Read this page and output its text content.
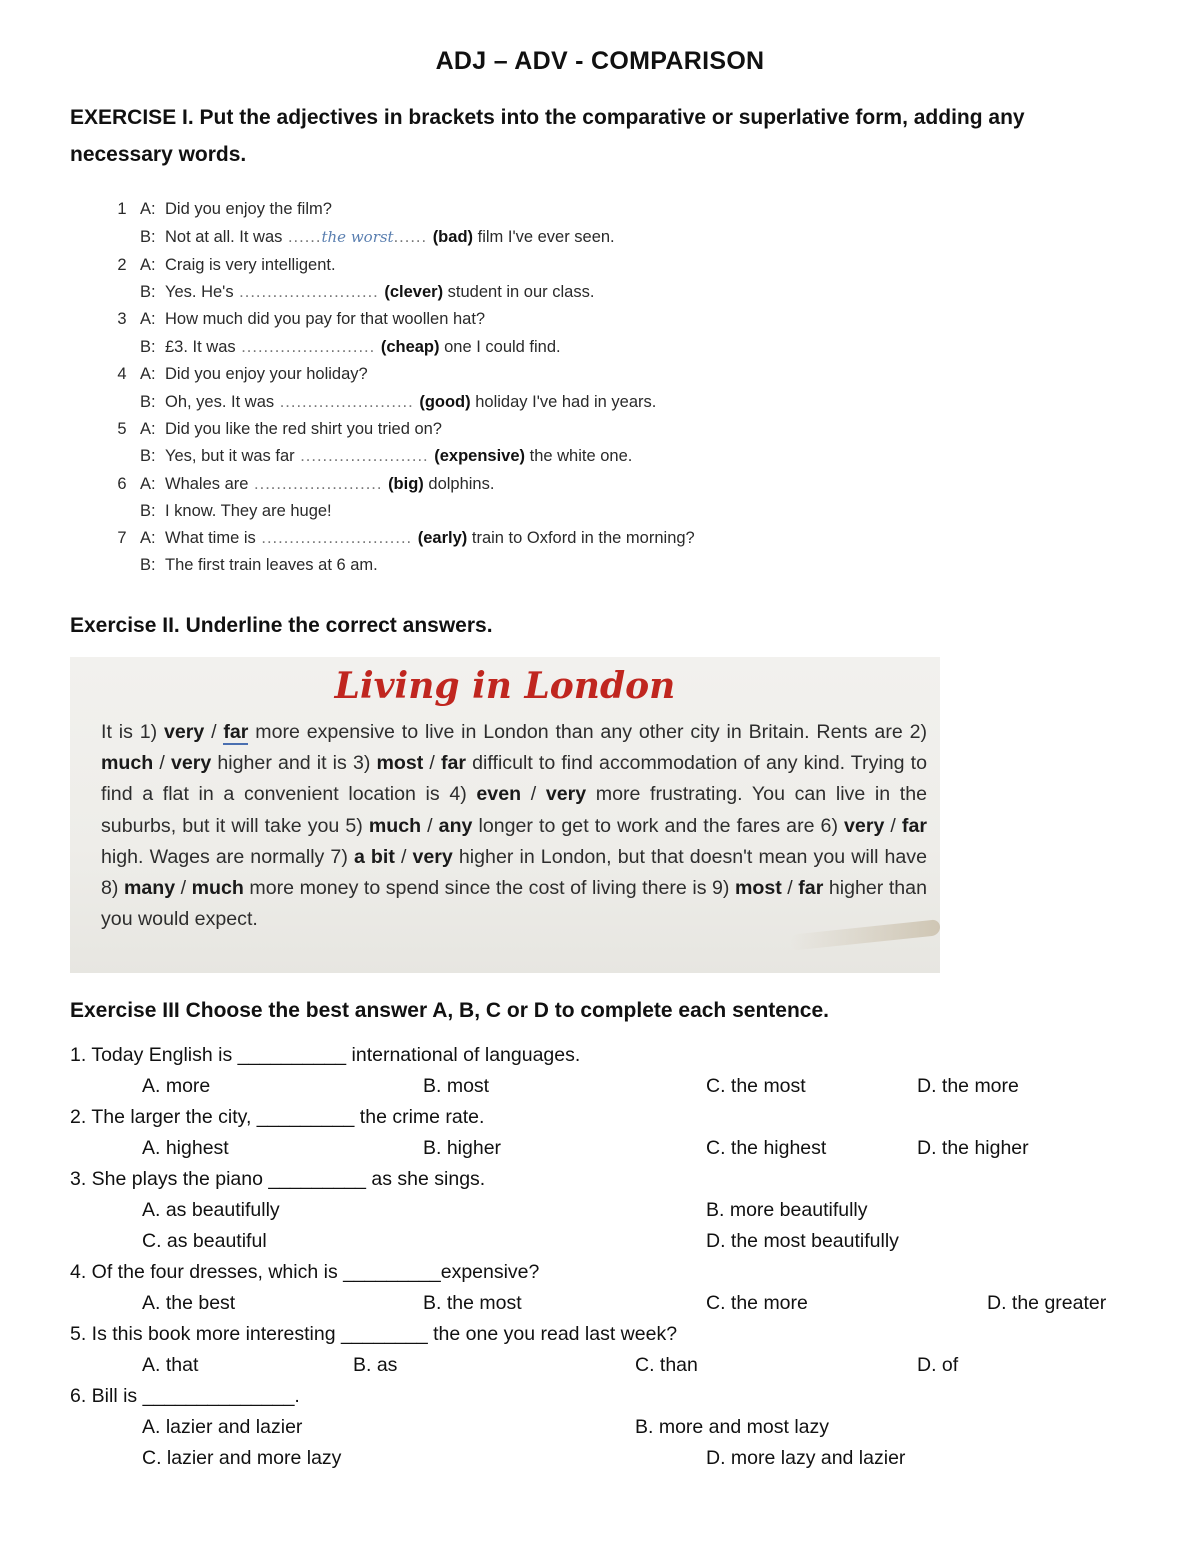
ADJ – ADV - COMPARISON
EXERCISE I. Put the adjectives in brackets into the comparative or superlative form, adding any necessary words.
1 A: Did you enjoy the film?
B: Not at all. It was ......the worst...... (bad) film I've ever seen.
2 A: Craig is very intelligent.
B: Yes. He's ......................... (clever) student in our class.
3 A: How much did you pay for that woollen hat?
B: £3. It was ........................ (cheap) one I could find.
4 A: Did you enjoy your holiday?
B: Oh, yes. It was ........................ (good) holiday I've had in years.
5 A: Did you like the red shirt you tried on?
B: Yes, but it was far ....................... (expensive) the white one.
6 A: Whales are ....................... (big) dolphins.
B: I know. They are huge!
7 A: What time is ........................... (early) train to Oxford in the morning?
B: The first train leaves at 6 am.
Exercise II. Underline the correct answers.
Living in London
It is 1) very / far more expensive to live in London than any other city in Britain. Rents are 2) much / very higher and it is 3) most / far difficult to find accommodation of any kind. Trying to find a flat in a convenient location is 4) even / very more frustrating. You can live in the suburbs, but it will take you 5) much / any longer to get to work and the fares are 6) very / far high. Wages are normally 7) a bit / very higher in London, but that doesn't mean you will have 8) many / much more money to spend since the cost of living there is 9) most / far higher than you would expect.
Exercise III Choose the best answer A, B, C or D to complete each sentence.
1. Today English is __________ international of languages.
A. more	B. most	C. the most	D. the more
2. The larger the city, _________ the crime rate.
A. highest	B. higher	C. the highest	D. the higher
3. She plays the piano _________ as she sings.
A. as beautifully	B. more beautifully
C. as beautiful	D. the most beautifully
4. Of the four dresses, which is _________expensive?
A. the best	B. the most	C. the more	D. the greater
5. Is this book more interesting ________ the one you read last week?
A. that	B. as	C. than	D. of
6. Bill is ______________.
A. lazier and lazier	B. more and most lazy
C. lazier and more lazy	D. more lazy and lazier
